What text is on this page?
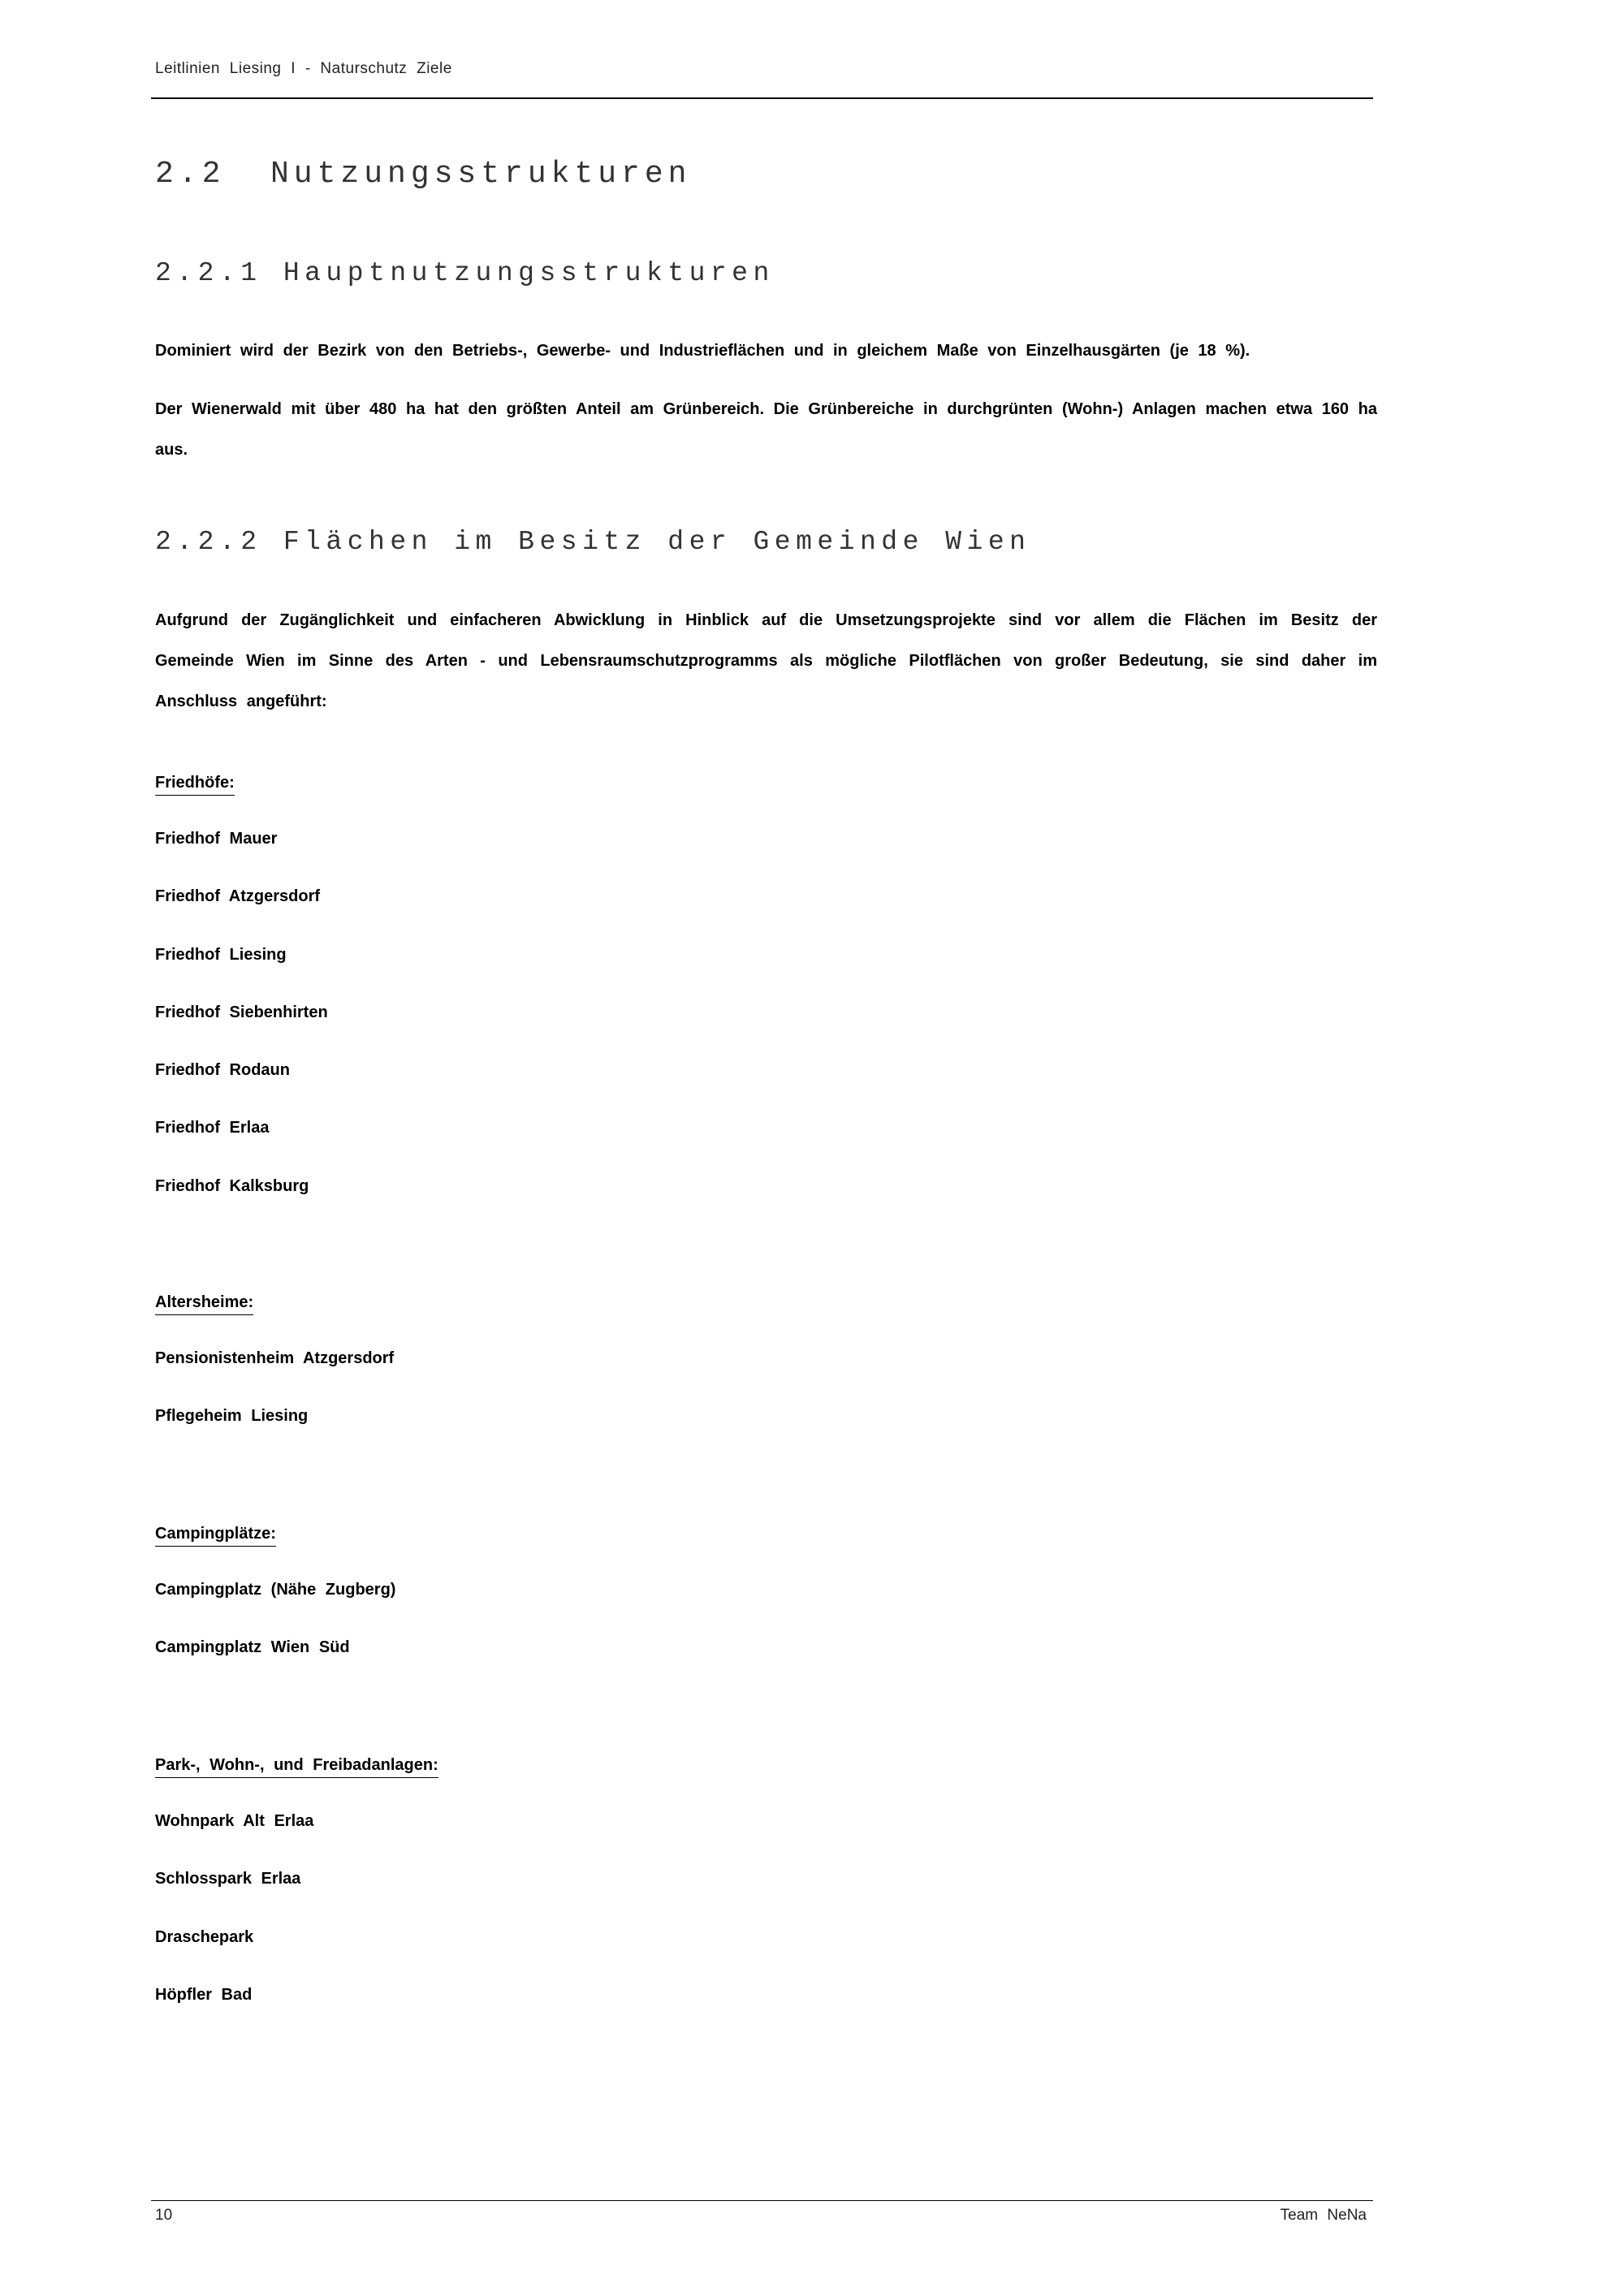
Leitlinien Liesing I - Naturschutz Ziele
2.2 Nutzungsstrukturen
2.2.1 Hauptnutzungsstrukturen
Dominiert wird der Bezirk von den Betriebs-, Gewerbe- und Industrieflächen und in gleichem Maße von Einzelhausgärten (je 18 %).
Der Wienerwald mit über 480 ha hat den größten Anteil am Grünbereich. Die Grünbereiche in durchgrünten (Wohn-) Anlagen machen etwa 160 ha aus.
2.2.2 Flächen im Besitz der Gemeinde Wien
Aufgrund der Zugänglichkeit und einfacheren Abwicklung in Hinblick auf die Umsetzungsprojekte sind vor allem die Flächen im Besitz der Gemeinde Wien im Sinne des Arten - und Lebensraumschutzprogramms als mögliche Pilotflächen von großer Bedeutung, sie sind daher im Anschluss angeführt:
Friedhöfe:
Friedhof Mauer
Friedhof Atzgersdorf
Friedhof Liesing
Friedhof Siebenhirten
Friedhof Rodaun
Friedhof Erlaa
Friedhof Kalksburg
Altersheime:
Pensionistenheim Atzgersdorf
Pflegeheim Liesing
Campingplätze:
Campingplatz (Nähe Zugberg)
Campingplatz Wien Süd
Park-, Wohn-, und Freibadanlagen:
Wohnpark Alt Erlaa
Schlosspark Erlaa
Draschepark
Höpfler Bad
10	Team NeNa
